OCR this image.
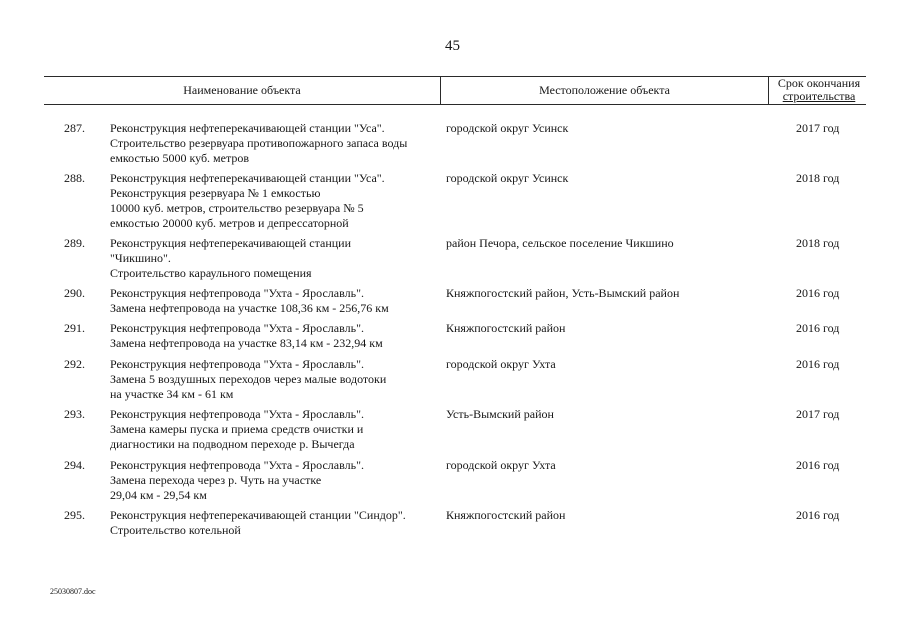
45
Наименование объекта	Местоположение объекта	Срок окончания
строительства
287. Реконструкция нефтеперекачивающей станции "Уса".
Строительство резервуара противопожарного запаса воды
емкостью 5000 куб. метров
городской округ Усинск	2017 год
288. Реконструкция нефтеперекачивающей станции "Уса".
Реконструкция резервуара № 1 емкостью
10000 куб. метров, строительство резервуара № 5
емкостью 20000 куб. метров и депрессаторной
городской округ Усинск	2018 год
289. Реконструкция нефтеперекачивающей станции
"Чикшино".
Строительство караульного помещения
район Печора, сельское поселение Чикшино	2018 год
290. Реконструкция нефтепровода "Ухта - Ярославль".
Замена нефтепровода на участке 108,36 км - 256,76 км
Княжпогостский район, Усть-Вымский район	2016 год
291. Реконструкция нефтепровода "Ухта - Ярославль".
Замена нефтепровода на участке 83,14 км - 232,94 км
Княжпогостский район	2016 год
292. Реконструкция нефтепровода "Ухта - Ярославль".
Замена 5 воздушных переходов через малые водотоки
на участке 34 км - 61 км
городской округ Ухта	2016 год
293. Реконструкция нефтепровода "Ухта - Ярославль".
Замена камеры пуска и приема средств очистки и
диагностики на подводном переходе р. Вычегда
Усть-Вымский район	2017 год
294. Реконструкция нефтепровода "Ухта - Ярославль".
Замена перехода через р. Чуть на участке
29,04 км - 29,54 км
городской округ Ухта	2016 год
295. Реконструкция нефтеперекачивающей станции "Синдор".
Строительство котельной
Княжпогостский район	2016 год
25030807.doc
